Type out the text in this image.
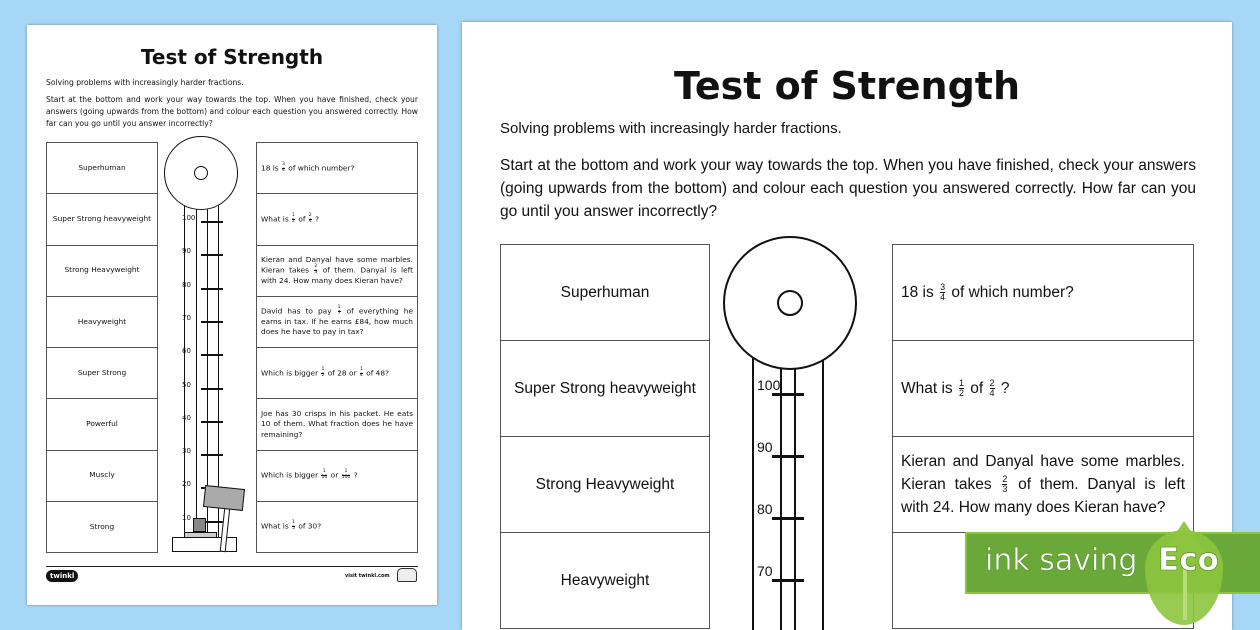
Test of Strength
Solving problems with increasingly harder fractions.
Start at the bottom and work your way towards the top. When you have finished, check your answers (going upwards from the bottom) and colour each question you answered correctly. How far can you go until you answer incorrectly?
Superhuman
Super Strong heavyweight
Strong Heavyweight
Heavyweight
Super Strong
Powerful
Muscly
Strong
100
90
80
70
60
50
40
30
20
10
18 is $\frac{3}{4}$ of which number?
What is $\frac{1}{2}$ of $\frac{2}{4}$ ?
Kieran and Danyal have some marbles. Kieran takes $\frac{2}{3}$ of them. Danyal is left with 24. How many does Kieran have?
David has to pay $\frac{1}{7}$ of everything he earns in tax. If he earns £84, how much does he have to pay in tax?
Which is bigger $\frac{1}{2}$ of 28 or $\frac{1}{4}$ of 48?
Joe has 30 crisps in his packet. He eats 10 of them. What fraction does he have remaining?
Which is bigger $\frac{1}{10}$ or $\frac{1}{100}$ ?
What is $\frac{1}{5}$ of 30?
twinkl	visit twinkl.com
Test of Strength
Solving problems with increasingly harder fractions.
Start at the bottom and work your way towards the top. When you have finished, check your answers (going upwards from the bottom) and colour each question you answered correctly. How far can you go until you answer incorrectly?
Superhuman
Super Strong heavyweight
Strong Heavyweight
Heavyweight
100
90
80
70
18 is $\frac{3}{4}$ of which number?
What is $\frac{1}{2}$ of $\frac{2}{4}$ ?
Kieran and Danyal have some marbles. Kieran takes $\frac{2}{3}$ of them. Danyal is left with 24. How many does Kieran have?
ink saving Eco
